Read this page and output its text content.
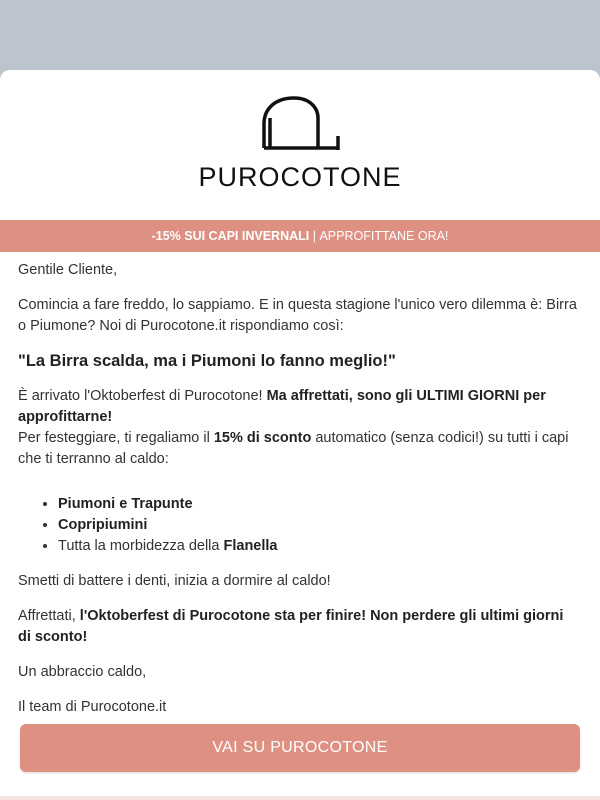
PUROCOTONE
-15% SUI CAPI INVERNALI | APPROFITTANE ORA!

Gentile Cliente,

Comincia a fare freddo, lo sappiamo. E in questa stagione l'unico vero dilemma è: Birra o Piumone? Noi di Purocotone.it rispondiamo così:

"La Birra scalda, ma i Piumoni lo fanno meglio!"

È arrivato l'Oktoberfest di Purocotone! Ma affrettati, sono gli ULTIMI GIORNI per approfittarne!

Per festeggiare, ti regaliamo il 15% di sconto automatico (senza codici!) su tutti i capi che ti terranno al caldo:

• Piumoni e Trapunte
• Copripiumini
• Tutta la morbidezza della Flanella

Smetti di battere i denti, inizia a dormire al caldo!

Affrettati, l'Oktoberfest di Purocotone sta per finire! Non perdere gli ultimi giorni di sconto!

Un abbraccio caldo,

Il team di Purocotone.it

VAI SU PUROCOTONE
